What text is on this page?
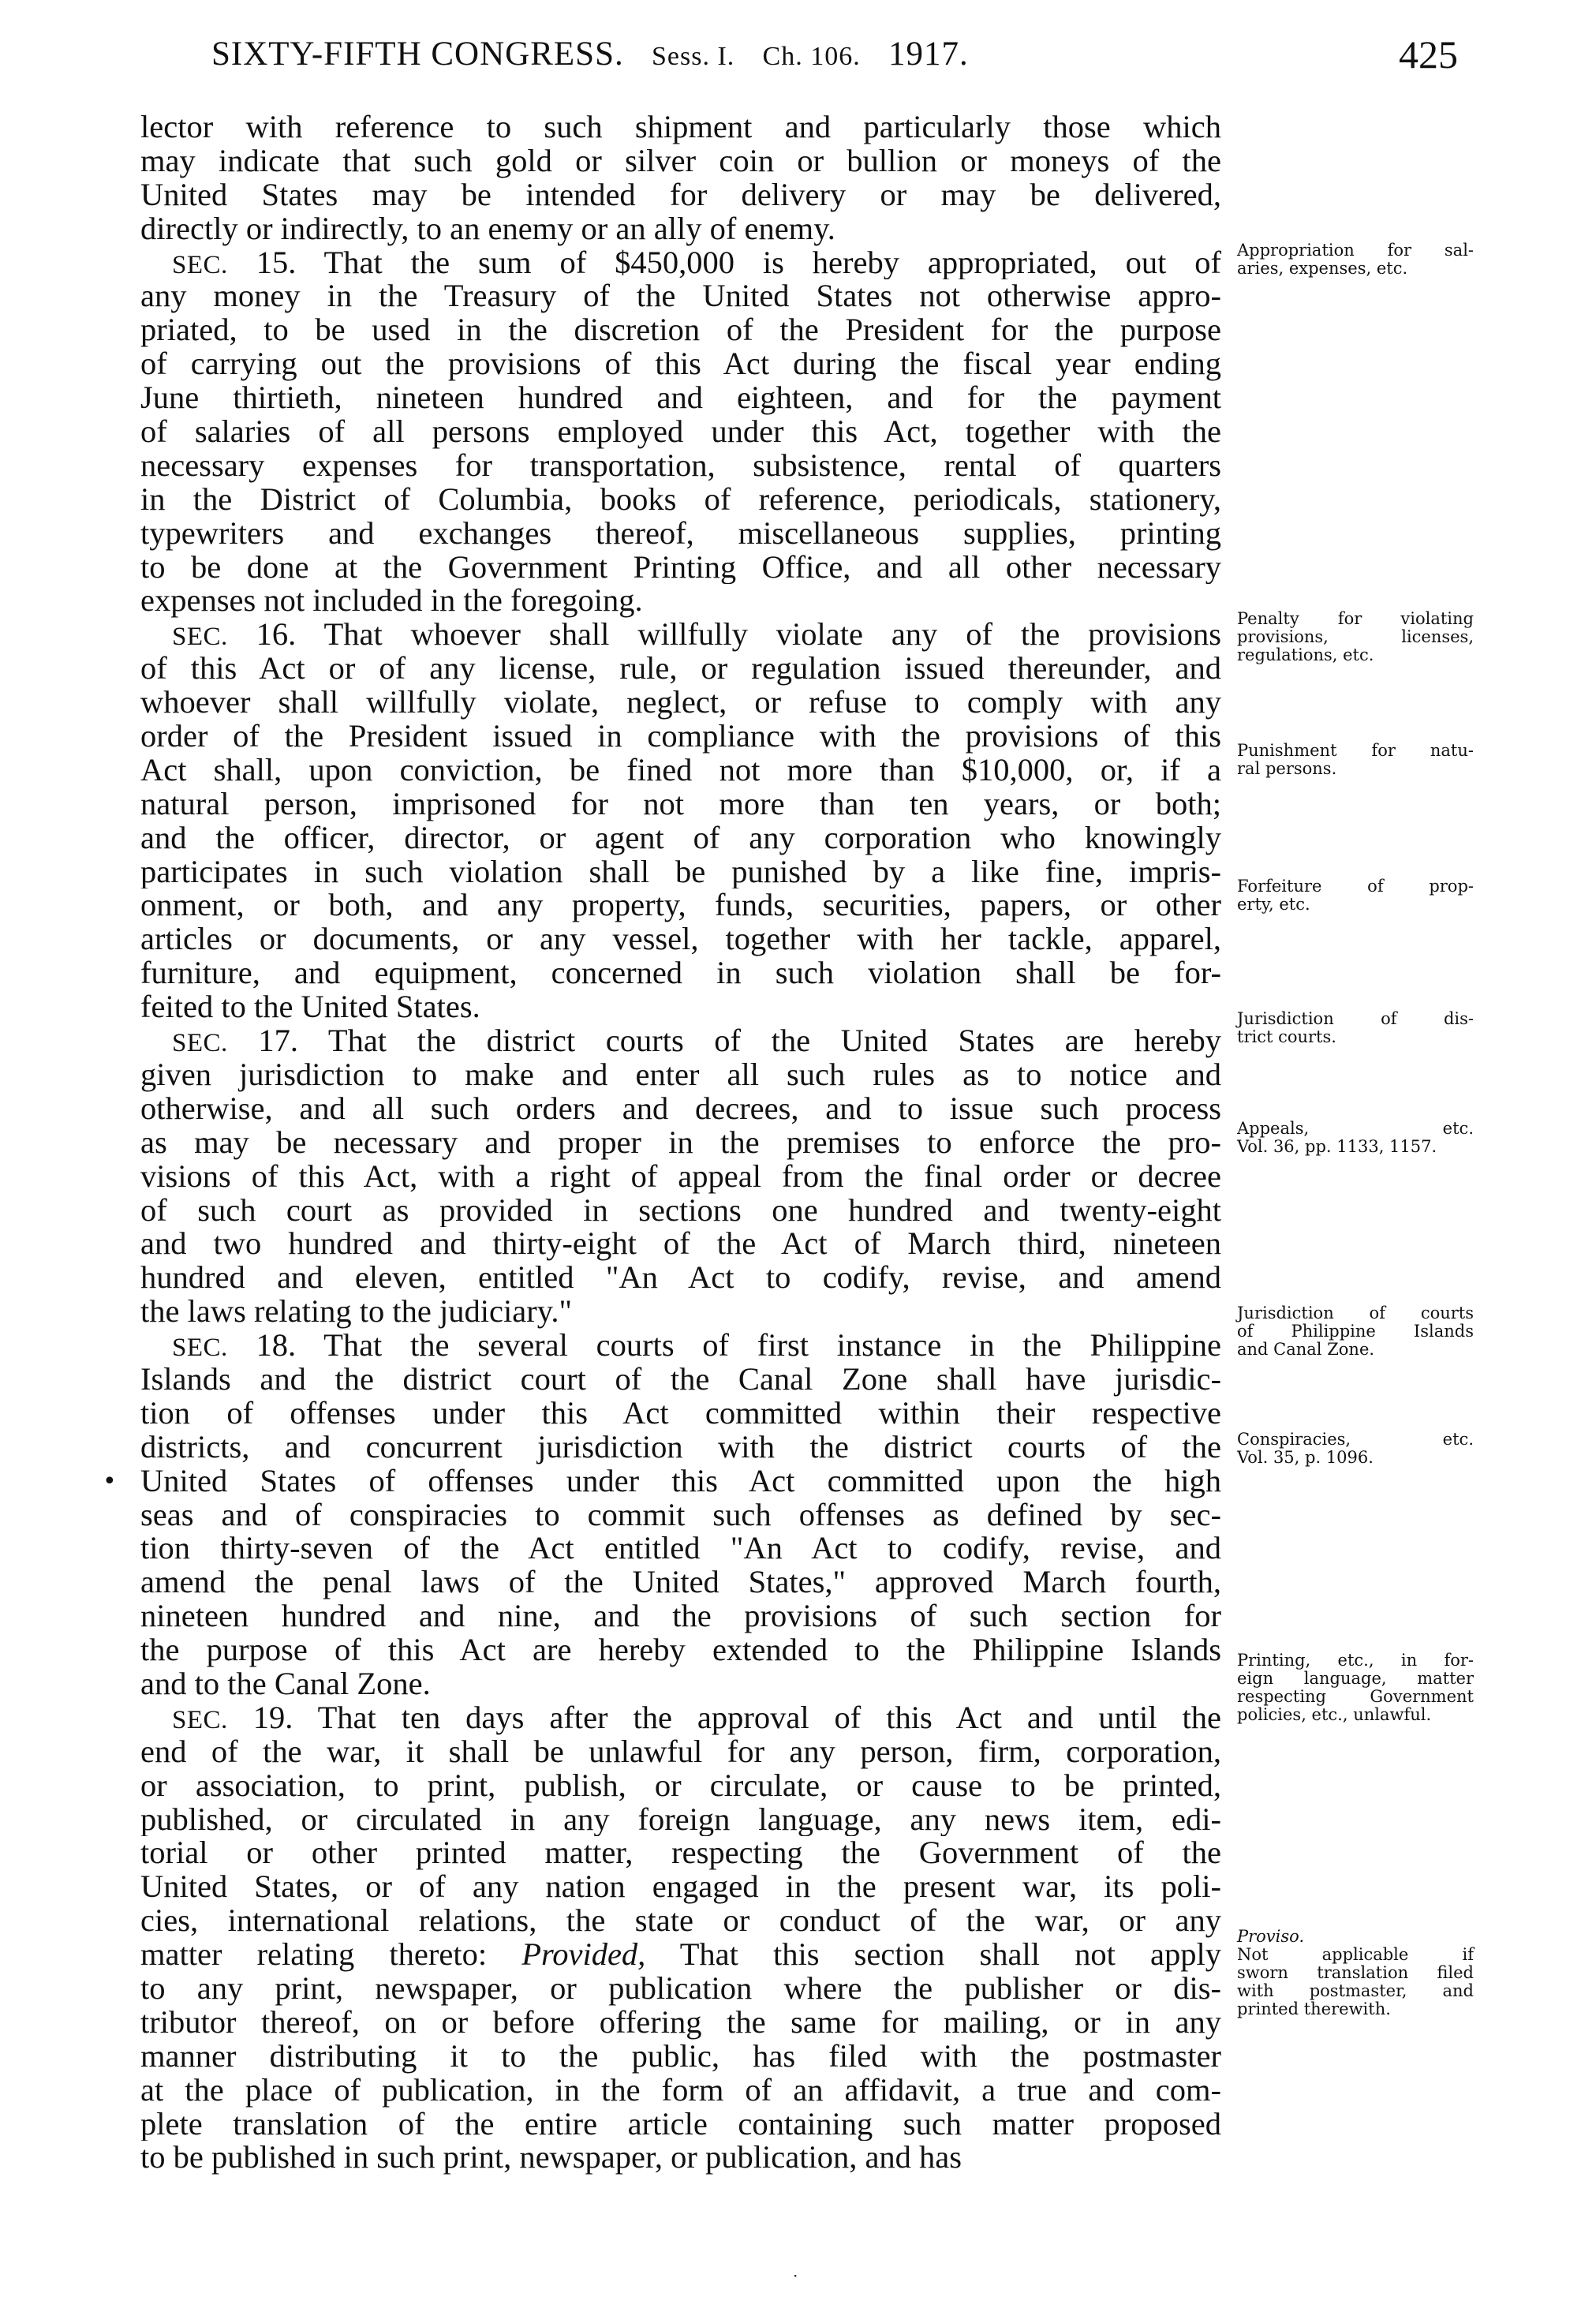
SIXTY-FIFTH CONGRESS. Sess. I. Ch. 106. 1917.	425
lector with reference to such shipment and particularly those which
may indicate that such gold or silver coin or bullion or moneys of the
United States may be intended for delivery or may be delivered,
directly or indirectly, to an enemy or an ally of enemy.
SEC. 15. That the sum of $450,000 is hereby appropriated, out of
any money in the Treasury of the United States not otherwise appro-
priated, to be used in the discretion of the President for the purpose
of carrying out the provisions of this Act during the fiscal year ending
June thirtieth, nineteen hundred and eighteen, and for the payment
of salaries of all persons employed under this Act, together with the
necessary expenses for transportation, subsistence, rental of quarters
in the District of Columbia, books of reference, periodicals, stationery,
typewriters and exchanges thereof, miscellaneous supplies, printing
to be done at the Government Printing Office, and all other necessary
expenses not included in the foregoing.
SEC. 16. That whoever shall willfully violate any of the provisions
of this Act or of any license, rule, or regulation issued thereunder, and
whoever shall willfully violate, neglect, or refuse to comply with any
order of the President issued in compliance with the provisions of this
Act shall, upon conviction, be fined not more than $10,000, or, if a
natural person, imprisoned for not more than ten years, or both;
and the officer, director, or agent of any corporation who knowingly
participates in such violation shall be punished by a like fine, impris-
onment, or both, and any property, funds, securities, papers, or other
articles or documents, or any vessel, together with her tackle, apparel,
furniture, and equipment, concerned in such violation shall be for-
feited to the United States.
SEC. 17. That the district courts of the United States are hereby
given jurisdiction to make and enter all such rules as to notice and
otherwise, and all such orders and decrees, and to issue such process
as may be necessary and proper in the premises to enforce the pro-
visions of this Act, with a right of appeal from the final order or decree
of such court as provided in sections one hundred and twenty-eight
and two hundred and thirty-eight of the Act of March third, nineteen
hundred and eleven, entitled "An Act to codify, revise, and amend
the laws relating to the judiciary."
SEC. 18. That the several courts of first instance in the Philippine
Islands and the district court of the Canal Zone shall have jurisdic-
tion of offenses under this Act committed within their respective
districts, and concurrent jurisdiction with the district courts of the
United States of offenses under this Act committed upon the high
seas and of conspiracies to commit such offenses as defined by sec-
tion thirty-seven of the Act entitled "An Act to codify, revise, and
amend the penal laws of the United States," approved March fourth,
nineteen hundred and nine, and the provisions of such section for
the purpose of this Act are hereby extended to the Philippine Islands
and to the Canal Zone.
SEC. 19. That ten days after the approval of this Act and until the
end of the war, it shall be unlawful for any person, firm, corporation,
or association, to print, publish, or circulate, or cause to be printed,
published, or circulated in any foreign language, any news item, edi-
torial or other printed matter, respecting the Government of the
United States, or of any nation engaged in the present war, its poli-
cies, international relations, the state or conduct of the war, or any
matter relating thereto: Provided, That this section shall not apply
to any print, newspaper, or publication where the publisher or dis-
tributor thereof, on or before offering the same for mailing, or in any
manner distributing it to the public, has filed with the postmaster
at the place of publication, in the form of an affidavit, a true and com-
plete translation of the entire article containing such matter proposed
to be published in such print, newspaper, or publication, and has
Appropriation for sal-
aries, expenses, etc.
Penalty for violating
provisions, licenses,
regulations, etc.
Punishment for natu-
ral persons.
Forfeiture of prop-
erty, etc.
Jurisdiction of dis-
trict courts.
Appeals, etc.
Vol. 36, pp. 1133, 1157.
Jurisdiction of courts
of Philippine Islands
and Canal Zone.
Conspiracies, etc.
Vol. 35, p. 1096.
Printing, etc., in for-
eign language, matter
respecting Government
policies, etc., unlawful.
Proviso.
Not applicable if
sworn translation filed
with postmaster, and
printed therewith.
•
·
